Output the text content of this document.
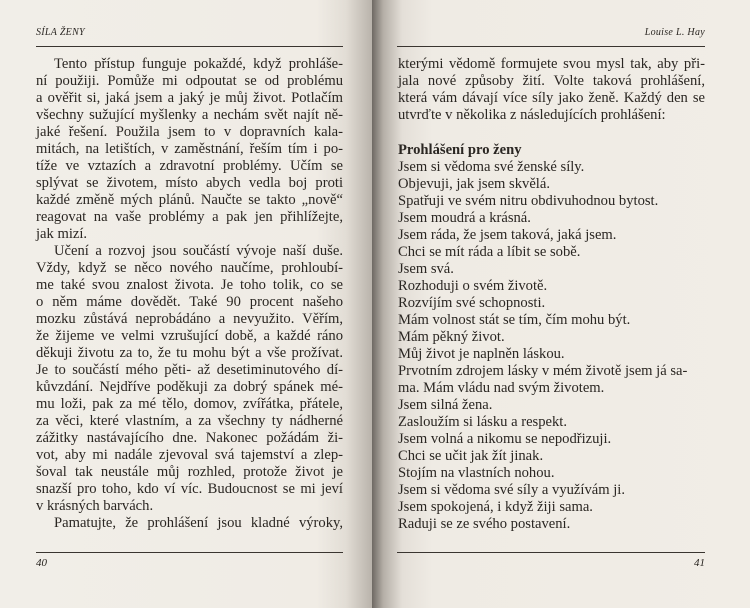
SÍLA ŽENY
Tento přístup funguje pokaždé, když prohláše-
ní použiji. Pomůže mi odpoutat se od problému
a ověřit si, jaká jsem a jaký je můj život. Potlačím
všechny sužující myšlenky a nechám svět najít ně-
jaké řešení. Použila jsem to v dopravních kala-
mitách, na letištích, v zaměstnání, řeším tím i po-
tíže ve vztazích a zdravotní problémy. Učím se
splývat se životem, místo abych vedla boj proti
každé změně mých plánů. Naučte se takto „nově“
reagovat na vaše problémy a pak jen přihlížejte,
jak mizí.
Učení a rozvoj jsou součástí vývoje naší duše.
Vždy, když se něco nového naučíme, prohloubí-
me také svou znalost života. Je toho tolik, co se
o něm máme dovědět. Také 90 procent našeho
mozku zůstává neprobádáno a nevyužito. Věřím,
že žijeme ve velmi vzrušující době, a každé ráno
děkuji životu za to, že tu mohu být a vše prožívat.
Je to součástí mého pěti- až desetiminutového dí-
kůvzdání. Nejdříve poděkuji za dobrý spánek mé-
mu loži, pak za mé tělo, domov, zvířátka, přátele,
za věci, které vlastním, a za všechny ty nádherné
zážitky nastávajícího dne. Nakonec požádám ži-
vot, aby mi nadále zjevoval svá tajemství a zlep-
šoval tak neustále můj rozhled, protože život je
snazší pro toho, kdo ví víc. Budoucnost se mi jeví
v krásných barvách.
Pamatujte, že prohlášení jsou kladné výroky,
40
Louise L. Hay
kterými vědomě formujete svou mysl tak, aby při-
jala nové způsoby žití. Volte taková prohlášení,
která vám dávají více síly jako ženě. Každý den se
utvrďte v několika z následujících prohlášení:
Prohlášení pro ženy
Jsem si vědoma své ženské síly.
Objevuji, jak jsem skvělá.
Spatřuji ve svém nitru obdivuhodnou bytost.
Jsem moudrá a krásná.
Jsem ráda, že jsem taková, jaká jsem.
Chci se mít ráda a líbit se sobě.
Jsem svá.
Rozhoduji o svém životě.
Rozvíjím své schopnosti.
Mám volnost stát se tím, čím mohu být.
Mám pěkný život.
Můj život je naplněn láskou.
Prvotním zdrojem lásky v mém životě jsem já sa-
ma. Mám vládu nad svým životem.
Jsem silná žena.
Zasloužím si lásku a respekt.
Jsem volná a nikomu se nepodřizuji.
Chci se učit jak žít jinak.
Stojím na vlastních nohou.
Jsem si vědoma své síly a využívám ji.
Jsem spokojená, i když žiji sama.
Raduji se ze svého postavení.
41
